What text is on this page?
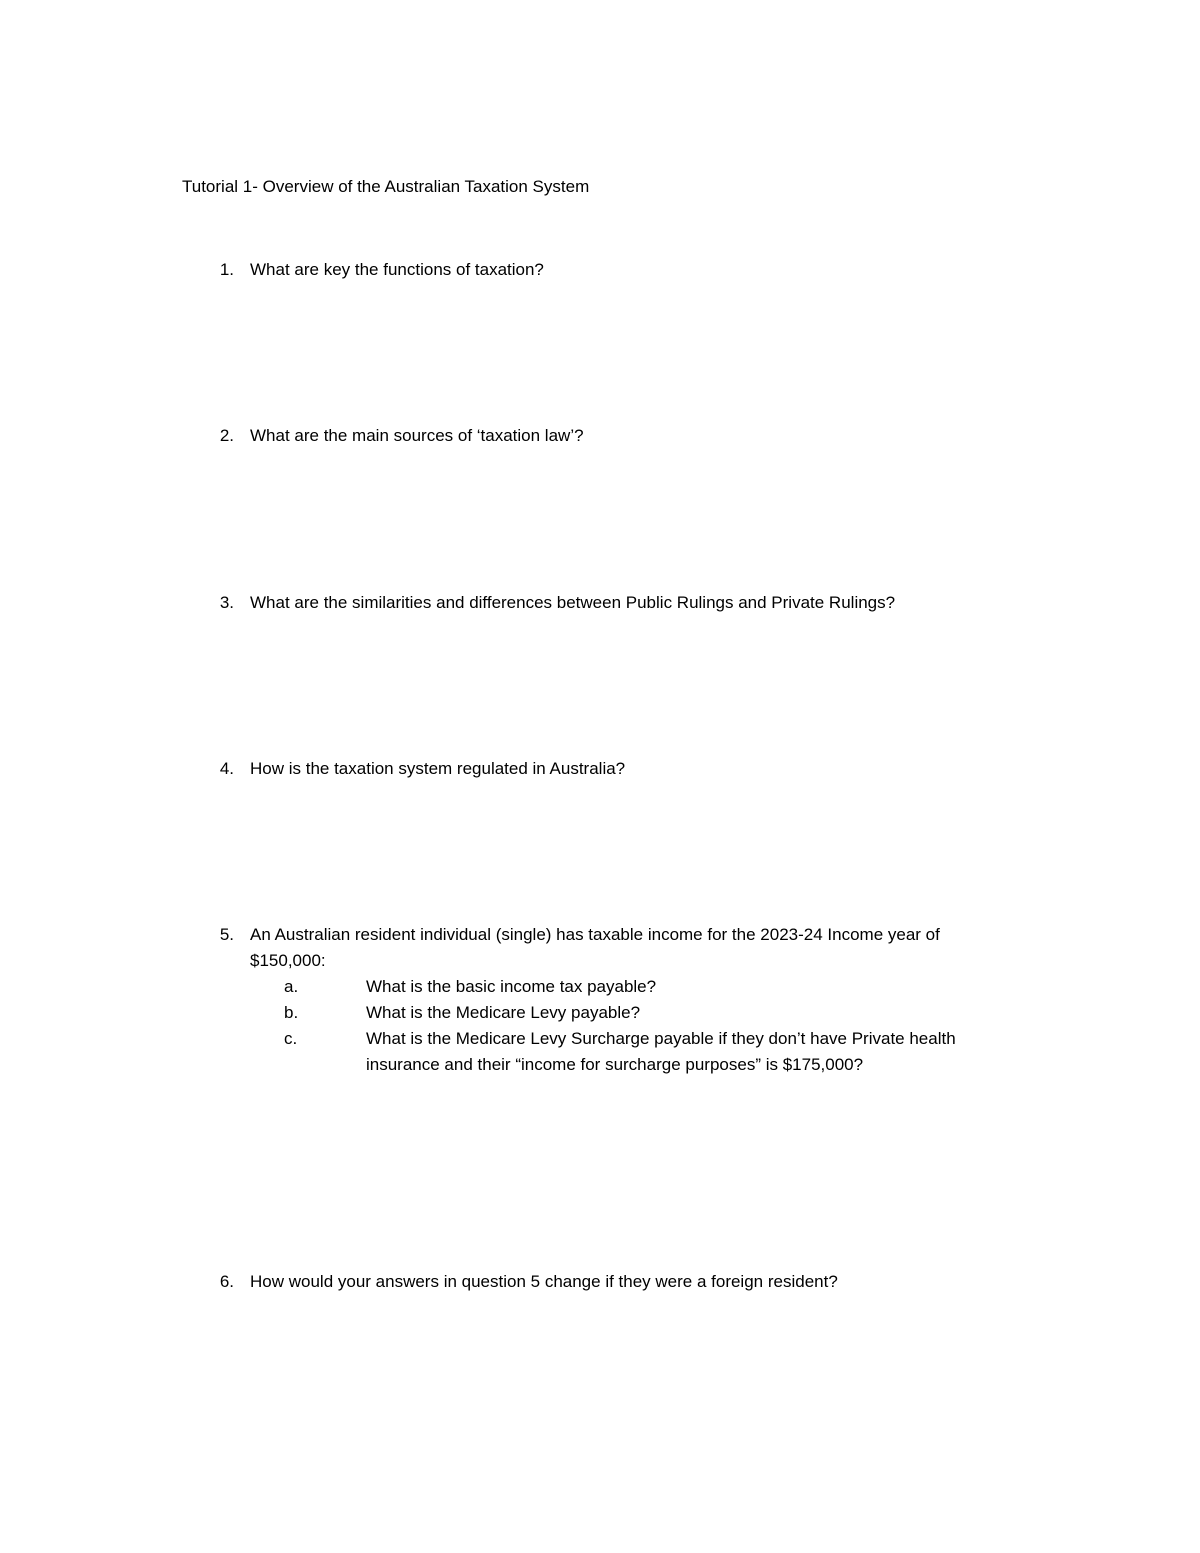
Tutorial 1- Overview of the Australian Taxation System
1. What are key the functions of taxation?
2. What are the main sources of ‘taxation law’?
3. What are the similarities and differences between Public Rulings and Private Rulings?
4. How is the taxation system regulated in Australia?
5. An Australian resident individual (single) has taxable income for the 2023-24 Income year of $150,000:
a.	What is the basic income tax payable?
b.	What is the Medicare Levy payable?
c.	What is the Medicare Levy Surcharge payable if they don’t have Private health insurance and their “income for surcharge purposes” is $175,000?
6. How would your answers in question 5 change if they were a foreign resident?
